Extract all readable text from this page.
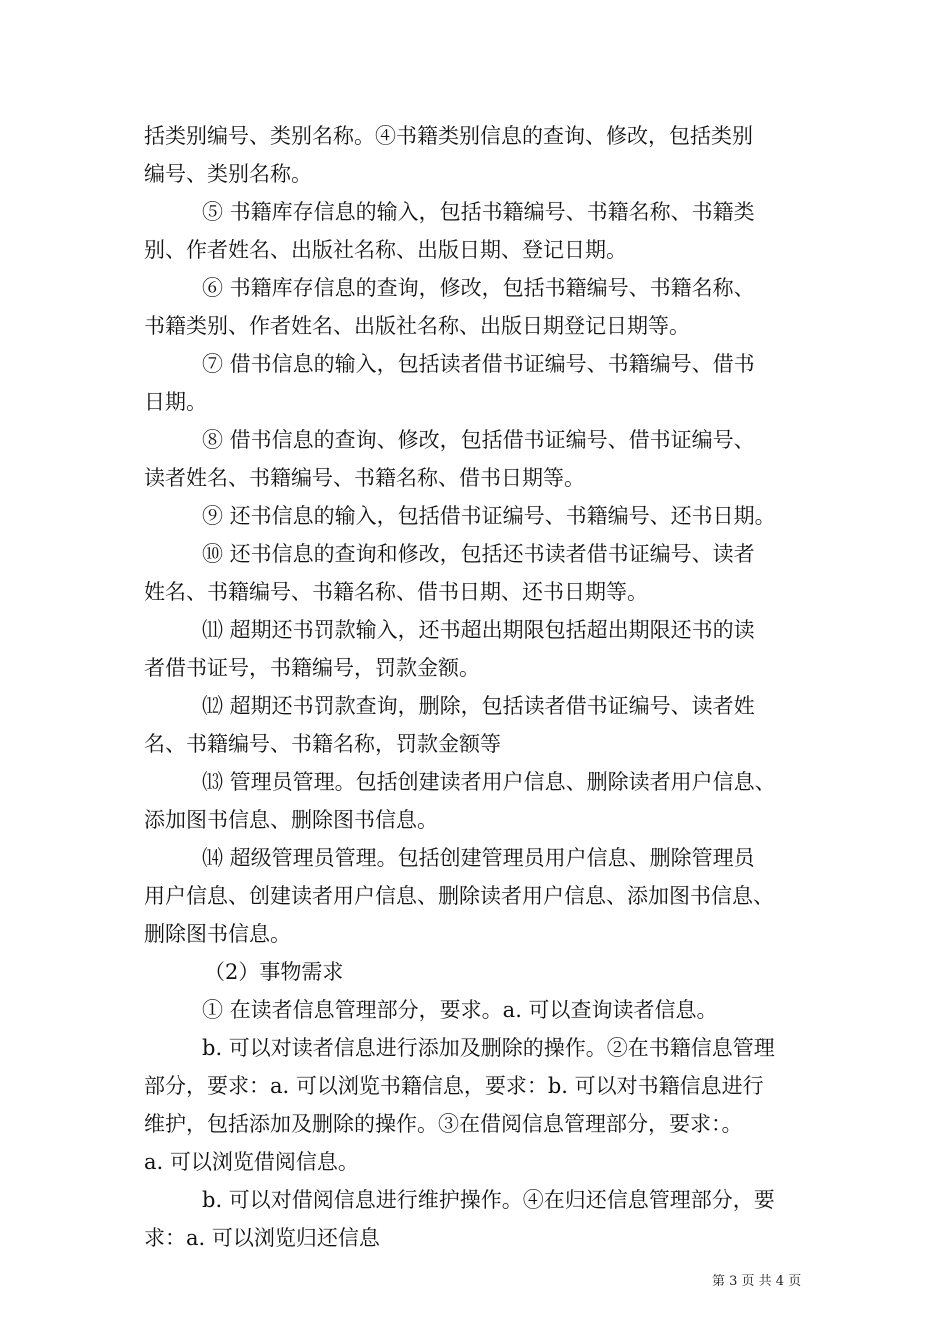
括类别编号、类别名称。④书籍类别信息的查询、修改，包括类别
编号、类别名称。
⑤ 书籍库存信息的输入，包括书籍编号、书籍名称、书籍类
别、作者姓名、出版社名称、出版日期、登记日期。
⑥ 书籍库存信息的查询，修改，包括书籍编号、书籍名称、
书籍类别、作者姓名、出版社名称、出版日期登记日期等。
⑦ 借书信息的输入，包括读者借书证编号、书籍编号、借书
日期。
⑧ 借书信息的查询、修改，包括借书证编号、借书证编号、
读者姓名、书籍编号、书籍名称、借书日期等。
⑨ 还书信息的输入，包括借书证编号、书籍编号、还书日期。
⑩ 还书信息的查询和修改，包括还书读者借书证编号、读者
姓名、书籍编号、书籍名称、借书日期、还书日期等。
⑾ 超期还书罚款输入，还书超出期限包括超出期限还书的读
者借书证号，书籍编号，罚款金额。
⑿ 超期还书罚款查询，删除，包括读者借书证编号、读者姓
名、书籍编号、书籍名称，罚款金额等
⒀ 管理员管理。包括创建读者用户信息、删除读者用户信息、
添加图书信息、删除图书信息。
⒁ 超级管理员管理。包括创建管理员用户信息、删除管理员
用户信息、创建读者用户信息、删除读者用户信息、添加图书信息、
删除图书信息。
（2）事物需求
① 在读者信息管理部分，要求。a. 可以查询读者信息。
b. 可以对读者信息进行添加及删除的操作。②在书籍信息管理
部分，要求：a. 可以浏览书籍信息，要求：b. 可以对书籍信息进行
维护，包括添加及删除的操作。③在借阅信息管理部分，要求：。
a. 可以浏览借阅信息。
b. 可以对借阅信息进行维护操作。④在归还信息管理部分，要
求：a. 可以浏览归还信息
第 3 页 共 4 页
